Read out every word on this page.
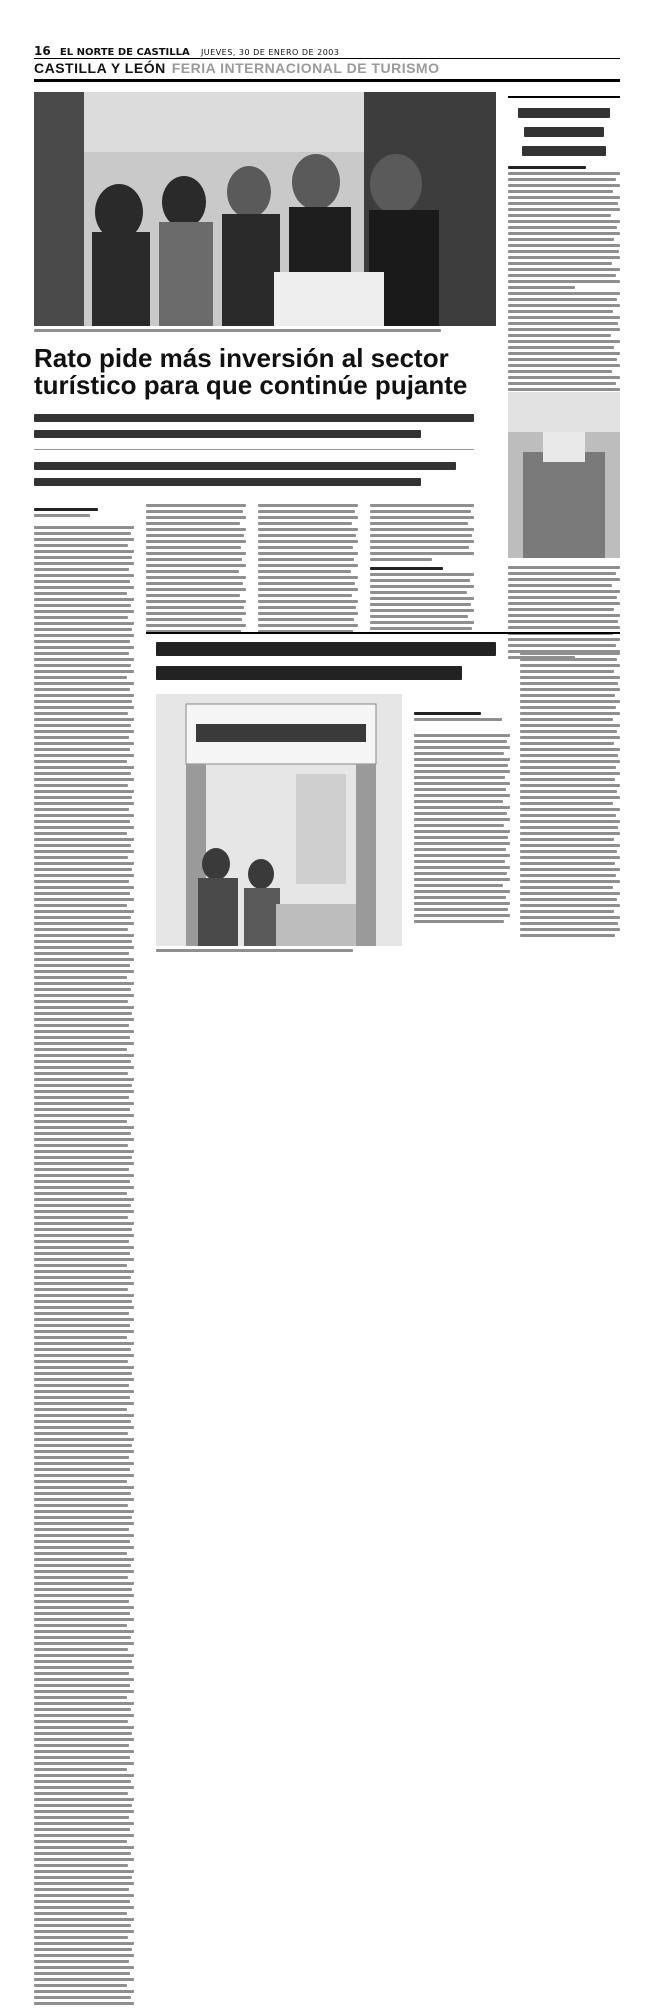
16 EL NORTE DE CASTILLA JUEVES, 30 DE ENERO DE 2003
CASTILLA Y LEÓN FERIA INTERNACIONAL DE TURISMO
Rato pide más inversión al sector turístico para que continúe pujante
